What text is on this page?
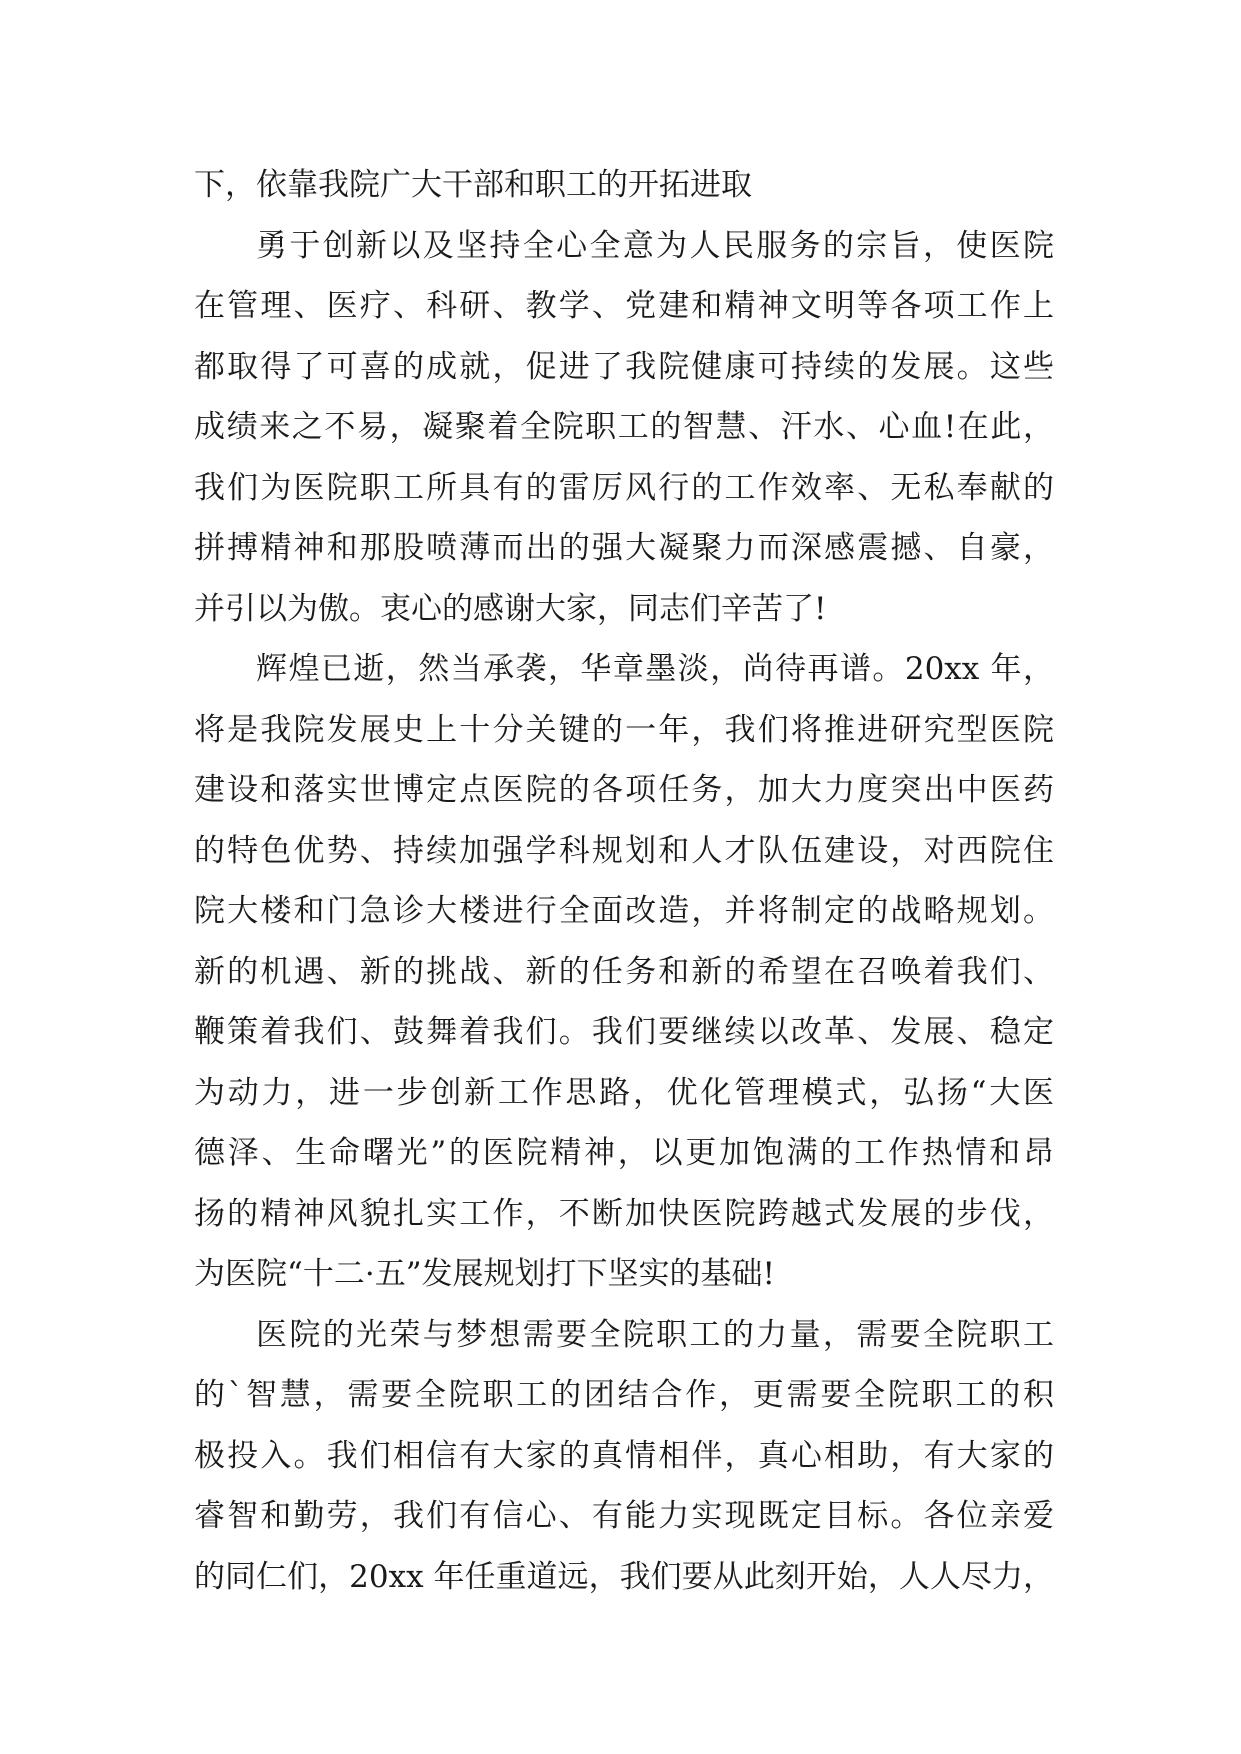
下，依靠我院广大干部和职工的开拓进取
勇于创新以及坚持全心全意为人民服务的宗旨，使医院
在管理、医疗、科研、教学、党建和精神文明等各项工作上
都取得了可喜的成就，促进了我院健康可持续的发展。这些
成绩来之不易，凝聚着全院职工的智慧、汗水、心血!在此，
我们为医院职工所具有的雷厉风行的工作效率、无私奉献的
拼搏精神和那股喷薄而出的强大凝聚力而深感震撼、自豪，
并引以为傲。衷心的感谢大家，同志们辛苦了!
辉煌已逝，然当承袭，华章墨淡，尚待再谱。20xx 年，
将是我院发展史上十分关键的一年，我们将推进研究型医院
建设和落实世博定点医院的各项任务，加大力度突出中医药
的特色优势、持续加强学科规划和人才队伍建设，对西院住
院大楼和门急诊大楼进行全面改造，并将制定的战略规划。
新的机遇、新的挑战、新的任务和新的希望在召唤着我们、
鞭策着我们、鼓舞着我们。我们要继续以改革、发展、稳定
为动力，进一步创新工作思路，优化管理模式，弘扬“大医
德泽、生命曙光”的医院精神，以更加饱满的工作热情和昂
扬的精神风貌扎实工作，不断加快医院跨越式发展的步伐，
为医院“十二·五”发展规划打下坚实的基础!
医院的光荣与梦想需要全院职工的力量，需要全院职工
的`智慧，需要全院职工的团结合作，更需要全院职工的积
极投入。我们相信有大家的真情相伴，真心相助，有大家的
睿智和勤劳，我们有信心、有能力实现既定目标。各位亲爱
的同仁们，20xx 年任重道远，我们要从此刻开始，人人尽力，
